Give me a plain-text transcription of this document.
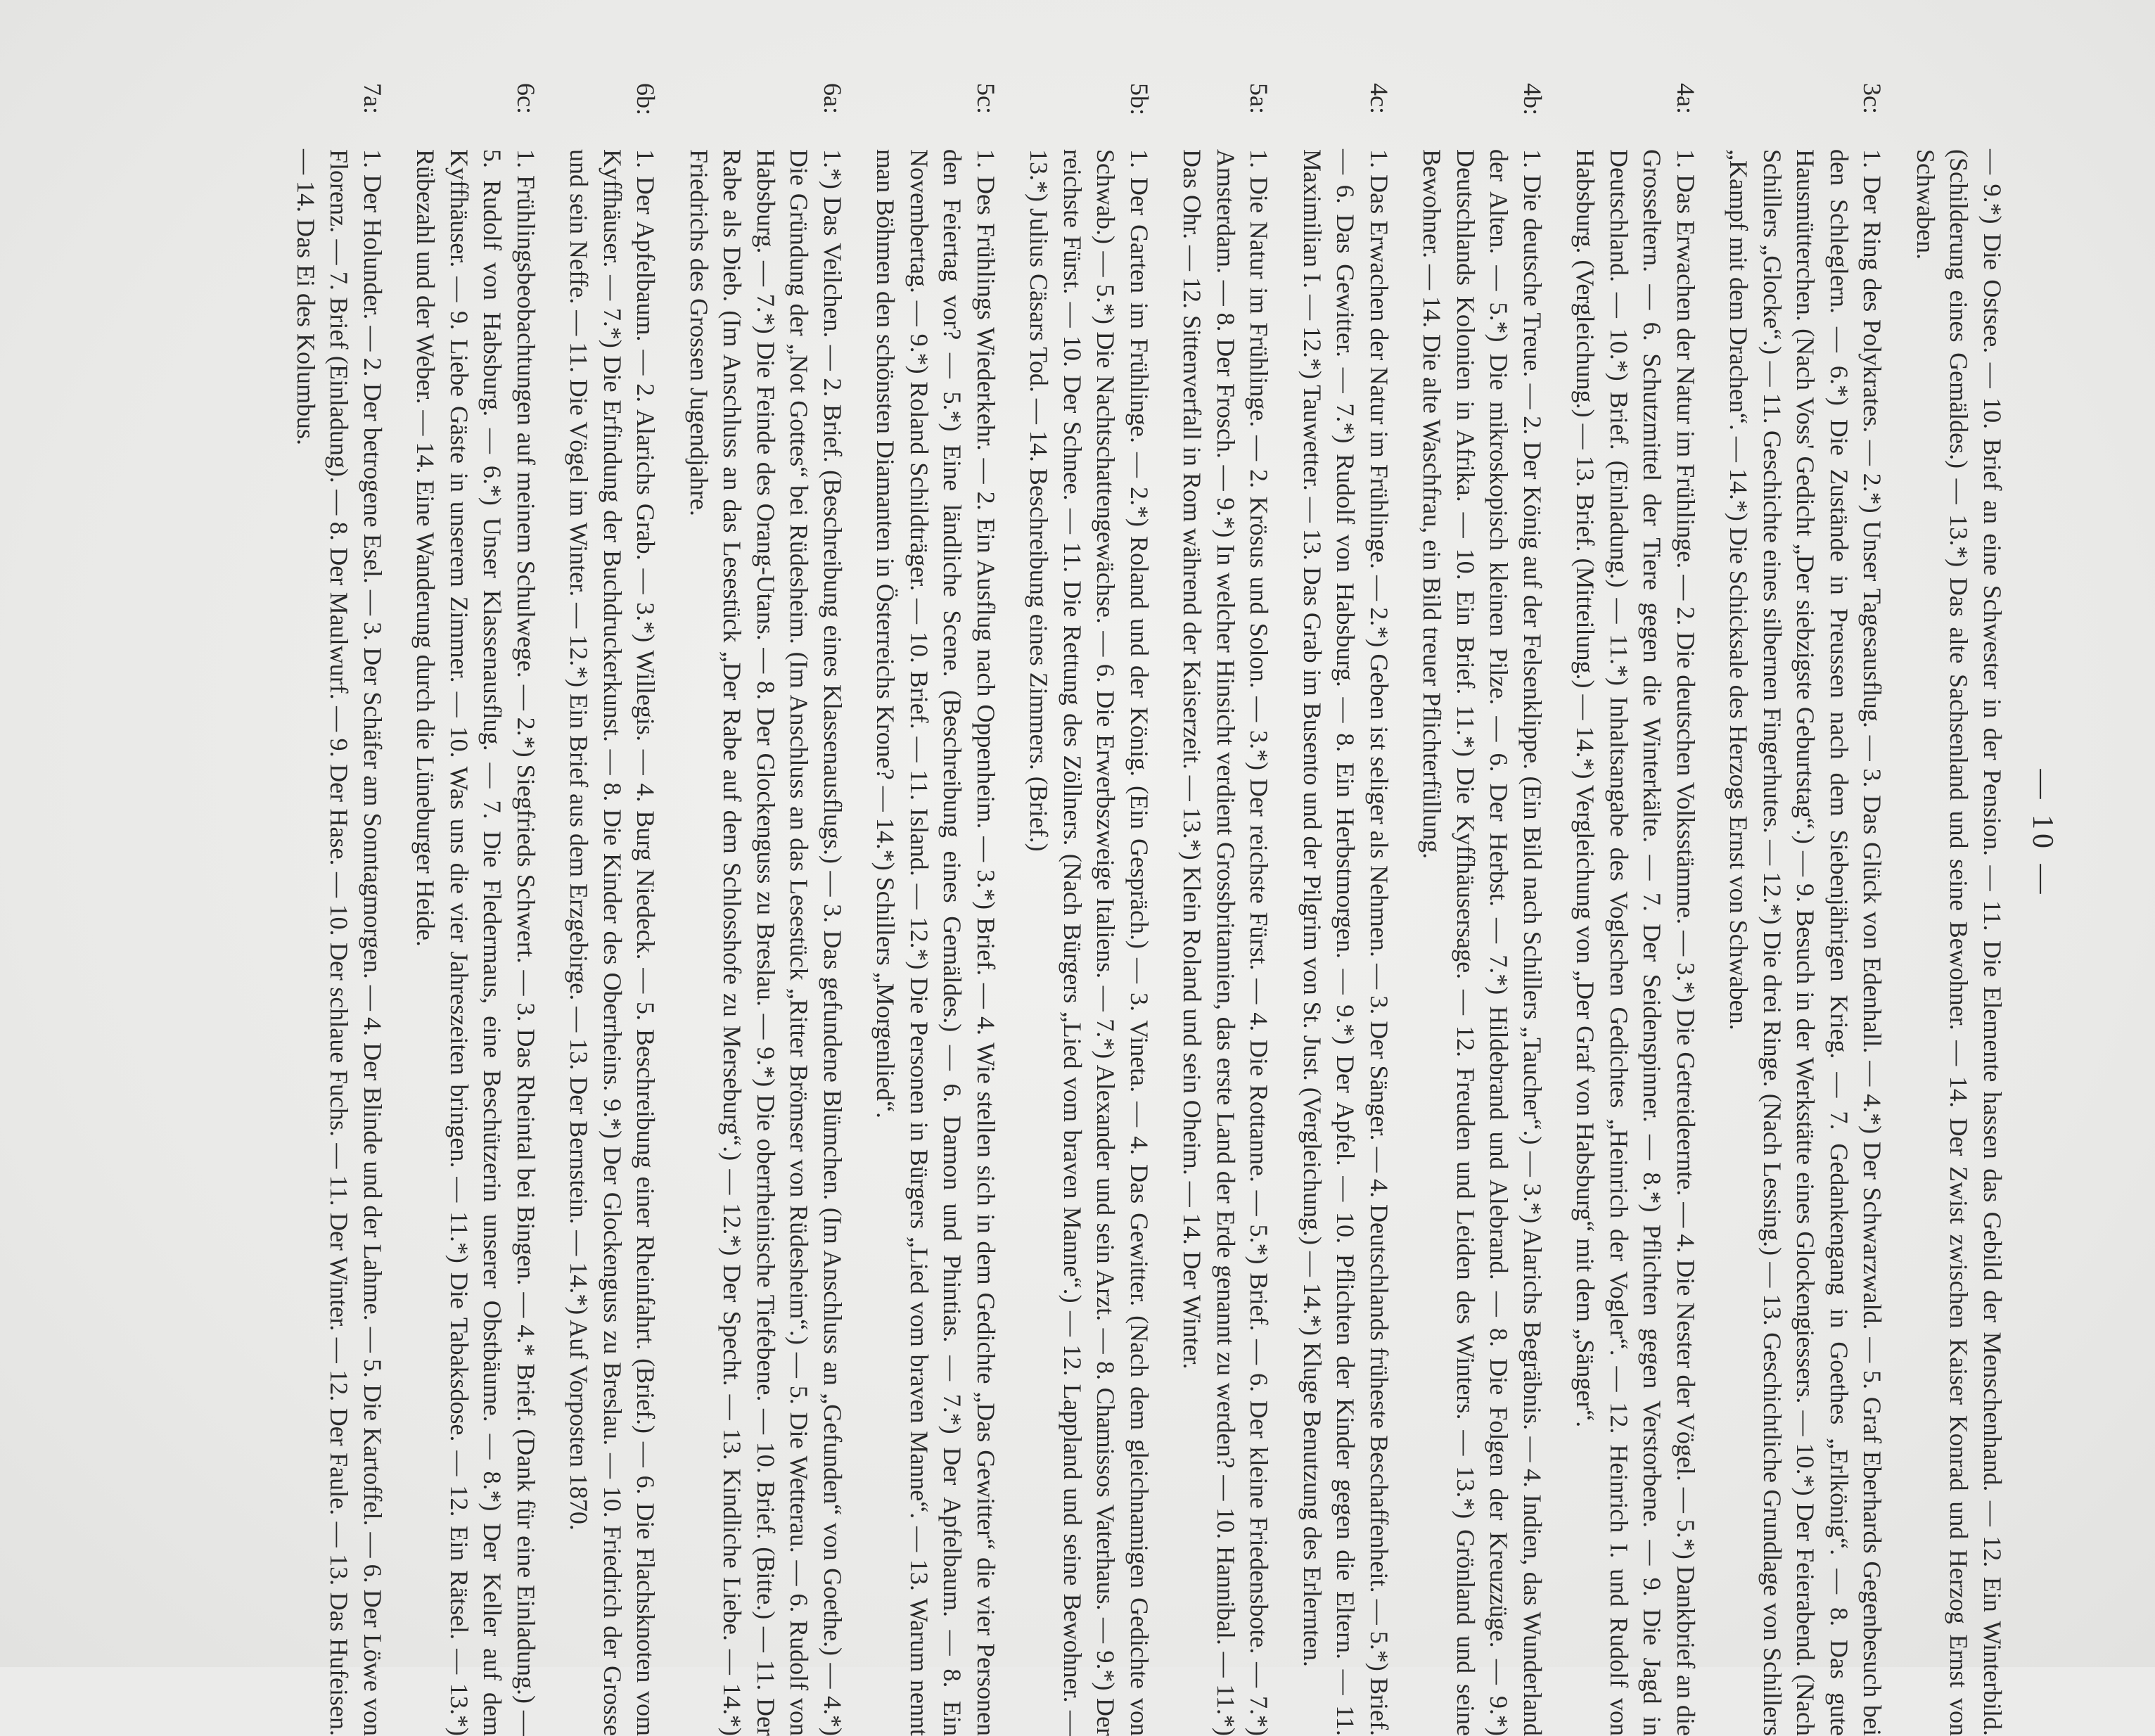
— 10 —
— 9.*) Die Ostsee. — 10. Brief an eine Schwester in der Pension. — 11. Die Elemente hassen das Gebild der Menschenhand. — 12. Ein Winterbild. (Schilderung eines Gemäldes.) — 13.*) Das alte Sachsenland und seine Bewohner. — 14. Der Zwist zwischen Kaiser Konrad und Herzog Ernst von Schwaben.
3c:
1. Der Ring des Polykrates. — 2.*) Unser Tagesausflug. — 3. Das Glück von Edenhall. — 4.*) Der Schwarzwald. — 5. Graf Eberhards Gegenbesuch bei den Schleglern. — 6.*) Die Zustände in Preussen nach dem Siebenjährigen Krieg. — 7. Gedankengang in Goethes „Erlkönig“. — 8. Das gute Hausmütterchen. (Nach Voss' Gedicht „Der siebzigste Geburtstag“.) — 9. Besuch in der Werkstätte eines Glockengiessers. — 10.*) Der Feierabend. (Nach Schillers „Glocke“.) — 11. Geschichte eines silbernen Fingerhutes. — 12.*) Die drei Ringe. (Nach Lessing.) — 13. Geschichtliche Grundlage von Schillers „Kampf mit dem Drachen“. — 14.*) Die Schicksale des Herzogs Ernst von Schwaben.
4a:
1. Das Erwachen der Natur im Frühlinge. — 2. Die deutschen Volksstämme. — 3.*) Die Getreideernte. — 4. Die Nester der Vögel. — 5.*) Dankbrief an die Grosseltern. — 6. Schutzmittel der Tiere gegen die Winterkälte. — 7. Der Seidenspinner. — 8.*) Pflichten gegen Verstorbene. — 9. Die Jagd in Deutschland. — 10.*) Brief. (Einladung.) — 11.*) Inhaltsangabe des Voglschen Gedichtes „Heinrich der Vogler“. — 12. Heinrich I. und Rudolf von Habsburg. (Vergleichung.) — 13. Brief. (Mitteilung.) — 14.*) Vergleichung von „Der Graf von Habsburg“ mit dem „Sänger“.
4b:
1. Die deutsche Treue. — 2. Der König auf der Felsenklippe. (Ein Bild nach Schillers „Taucher“.) — 3.*) Alarichs Begräbnis. — 4. Indien, das Wunderland der Alten. — 5.*) Die mikroskopisch kleinen Pilze. — 6. Der Herbst. — 7.*) Hildebrand und Alebrand. — 8. Die Folgen der Kreuzzüge. — 9.*) Deutschlands Kolonien in Afrika. — 10. Ein Brief. 11.*) Die Kyffhäusersage. — 12. Freuden und Leiden des Winters. — 13.*) Grönland und seine Bewohner. — 14. Die alte Waschfrau, ein Bild treuer Pflichterfüllung.
4c:
1. Das Erwachen der Natur im Frühlinge. — 2.*) Geben ist seliger als Nehmen. — 3. Der Sänger. — 4. Deutschlands früheste Beschaffenheit. — 5.*) Brief. — 6. Das Gewitter. — 7.*) Rudolf von Habsburg. — 8. Ein Herbstmorgen. — 9.*) Der Apfel. — 10. Pflichten der Kinder gegen die Eltern. — 11. Maximilian I. — 12.*) Tauwetter. — 13. Das Grab im Busento und der Pilgrim von St. Just. (Vergleichung.) — 14.*) Kluge Benutzung des Erlernten.
5a:
1. Die Natur im Frühlinge. — 2. Krösus und Solon. — 3.*) Der reichste Fürst. — 4. Die Rottanne. — 5.*) Brief. — 6. Der kleine Friedensbote. — 7.*) Amsterdam. — 8. Der Frosch. — 9.*) In welcher Hinsicht verdient Grossbritannien, das erste Land der Erde genannt zu werden? — 10. Hannibal. — 11.*) Das Ohr. — 12. Sittenverfall in Rom während der Kaiserzeit. — 13.*) Klein Roland und sein Oheim. — 14. Der Winter.
5b:
1. Der Garten im Frühlinge. — 2.*) Roland und der König. (Ein Gespräch.) — 3. Vineta. — 4. Das Gewitter. (Nach dem gleichnamigen Gedichte von Schwab.) — 5.*) Die Nachtschattengewächse. — 6. Die Erwerbszweige Italiens. — 7.*) Alexander und sein Arzt. — 8. Chamissos Vaterhaus. — 9.*) Der reichste Fürst. — 10. Der Schnee. — 11. Die Rettung des Zöllners. (Nach Bürgers „Lied vom braven Manne“.) — 12. Lappland und seine Bewohner. — 13.*) Julius Cäsars Tod. — 14. Beschreibung eines Zimmers. (Brief.)
5c:
1. Des Frühlings Wiederkehr. — 2. Ein Ausflug nach Oppenheim. — 3.*) Brief. — 4. Wie stellen sich in dem Gedichte „Das Gewitter“ die vier Personen den Feiertag vor? — 5.*) Eine ländliche Scene. (Beschreibung eines Gemäldes.) — 6. Damon und Phintias. — 7.*) Der Apfelbaum. — 8. Ein Novembertag. — 9.*) Roland Schildträger. — 10. Brief. — 11. Island. — 12.*) Die Personen in Bürgers „Lied vom braven Manne“. — 13. Warum nennt man Böhmen den schönsten Diamanten in Österreichs Krone? — 14.*) Schillers „Morgenlied“.
6a:
1.*) Das Veilchen. — 2. Brief. (Beschreibung eines Klassenausflugs.) — 3. Das gefundene Blümchen. (Im Anschluss an „Gefunden“ von Goethe.) — 4.*) Die Gründung der „Not Gottes“ bei Rüdesheim. (Im Anschluss an das Lesestück „Ritter Brömser von Rüdesheim“.) — 5. Die Wetterau. — 6. Rudolf von Habsburg. — 7.*) Die Feinde des Orang-Utans. — 8. Der Glockenguss zu Breslau. — 9.*) Die oberrheinische Tiefebene. — 10. Brief. (Bitte.) — 11. Der Rabe als Dieb. (Im Anschluss an das Lesestück „Der Rabe auf dem Schlosshofe zu Merseburg“.) — 12.*) Der Specht. — 13. Kindliche Liebe. — 14.*) Friedrichs des Grossen Jugendjahre.
6b:
1. Der Apfelbaum. — 2. Alarichs Grab. — 3.*) Willegis. — 4. Burg Niedeck. — 5. Beschreibung einer Rheinfahrt. (Brief.) — 6. Die Flachsknoten vom Kyffhäuser. — 7.*) Die Erfindung der Buchdruckerkunst. — 8. Die Kinder des Oberrheins. 9.*) Der Glockenguss zu Breslau. — 10. Friedrich der Grosse und sein Neffe. — 11. Die Vögel im Winter. — 12.*) Ein Brief aus dem Erzgebirge. — 13. Der Bernstein. — 14.*) Auf Vorposten 1870.
6c:
1. Frühlingsbeobachtungen auf meinem Schulwege. — 2.*) Siegfrieds Schwert. — 3. Das Rheintal bei Bingen. — 4.* Brief. (Dank für eine Einladung.) — 5. Rudolf von Habsburg. — 6.*) Unser Klassenausflug. — 7. Die Fledermaus, eine Beschützerin unserer Obstbäume. — 8.*) Der Keller auf dem Kyffhäuser. — 9. Liebe Gäste in unserem Zimmer. — 10. Was uns die vier Jahreszeiten bringen. — 11.*) Die Tabaksdose. — 12. Ein Rätsel. — 13.*) Rübezahl und der Weber. — 14. Eine Wanderung durch die Lüneburger Heide.
7a:
1. Der Holunder. — 2. Der betrogene Esel. — 3. Der Schäfer am Sonntagmorgen. — 4. Der Blinde und der Lahme. — 5. Die Kartoffel. — 6. Der Löwe von Florenz. — 7. Brief (Einladung). — 8. Der Maulwurf. — 9. Der Hase. — 10. Der schlaue Fuchs. — 11. Der Winter. — 12. Der Faule. — 13. Das Hufeisen. — 14. Das Ei des Kolumbus.
